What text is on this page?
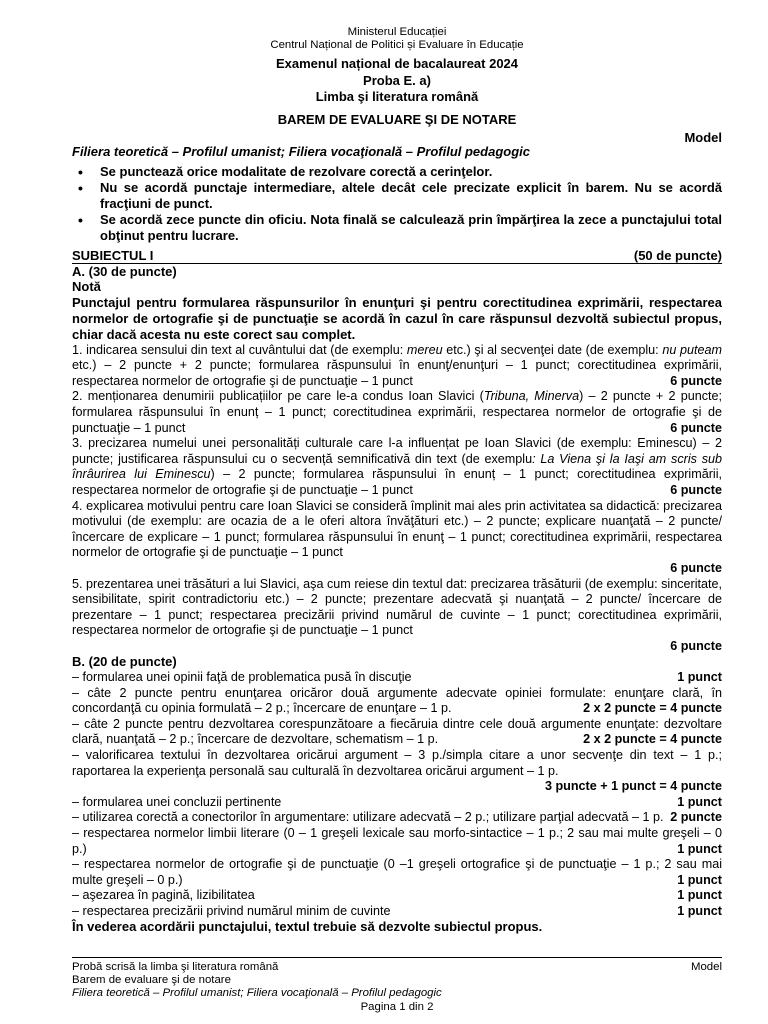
Ministerul Educației
Centrul Național de Politici și Evaluare în Educație
Examenul național de bacalaureat 2024
Proba E. a)
Limba şi literatura română
BAREM DE EVALUARE ŞI DE NOTARE
Model
Filiera teoretică – Profilul umanist; Filiera vocaţională – Profilul pedagogic
• Se punctează orice modalitate de rezolvare corectă a cerinţelor.
• Nu se acordă punctaje intermediare, altele decât cele precizate explicit în barem. Nu se acordă fracţiuni de punct.
• Se acordă zece puncte din oficiu. Nota finală se calculează prin împărţirea la zece a punctajului total obţinut pentru lucrare.
SUBIECTUL I	(50 de puncte)
A. (30 de puncte)
Notă
Punctajul pentru formularea răspunsurilor în enunţuri şi pentru corectitudinea exprimării, respectarea normelor de ortografie şi de punctuaţie se acordă în cazul în care răspunsul dezvoltă subiectul propus, chiar dacă acesta nu este corect sau complet.

1. indicarea sensului din text al cuvântului dat (de exemplu: mereu etc.) şi al secvenţei date (de exemplu: nu puteam etc.) – 2 puncte + 2 puncte; formularea răspunsului în enunţ/enunţuri – 1 punct; corectitudinea exprimării, respectarea normelor de ortografie şi de punctuaţie – 1 punct	6 puncte

2. menționarea denumirii publicațiilor pe care le-a condus Ioan Slavici (Tribuna, Minerva) – 2 puncte + 2 puncte; formularea răspunsului în enunț – 1 punct; corectitudinea exprimării, respectarea normelor de ortografie şi de punctuaţie – 1 punct	6 puncte

3. precizarea numelui unei personalități culturale care l-a influențat pe Ioan Slavici (de exemplu: Eminescu) – 2 puncte; justificarea răspunsului cu o secvență semnificativă din text (de exemplu: La Viena şi la Iaşi am scris sub înrâurirea lui Eminescu) – 2 puncte; formularea răspunsului în enunț – 1 punct; corectitudinea exprimării, respectarea normelor de ortografie şi de punctuaţie – 1 punct	6 puncte

4. explicarea motivului pentru care Ioan Slavici se consideră împlinit mai ales prin activitatea sa didactică: precizarea motivului (de exemplu: are ocazia de a le oferi altora învăţături etc.) – 2 puncte; explicare nuanţată – 2 puncte/încercare de explicare – 1 punct; formularea răspunsului în enunţ – 1 punct; corectitudinea exprimării, respectarea normelor de ortografie şi de punctuaţie – 1 punct

6 puncte

5. prezentarea unei trăsături a lui Slavici, aşa cum reiese din textul dat: precizarea trăsăturii (de exemplu: sinceritate, sensibilitate, spirit contradictoriu etc.) – 2 puncte; prezentare adecvată şi nuanţată – 2 puncte/ încercare de prezentare – 1 punct; respectarea precizării privind numărul de cuvinte – 1 punct; corectitudinea exprimării, respectarea normelor de ortografie şi de punctuaţie – 1 punct

6 puncte
B. (20 de puncte)
– formularea unei opinii faţă de problematica pusă în discuţie	1 punct

– câte 2 puncte pentru enunţarea oricăror două argumente adecvate opiniei formulate: enunţare clară, în concordanţă cu opinia formulată – 2 p.; încercare de enunţare – 1 p.	2 x 2 puncte = 4 puncte

– câte 2 puncte pentru dezvoltarea corespunzătoare a fiecăruia dintre cele două argumente enunţate: dezvoltare clară, nuanţată – 2 p.; încercare de dezvoltare, schematism – 1 p.	2 x 2 puncte = 4 puncte

– valorificarea textului în dezvoltarea oricărui argument – 3 p./simpla citare a unor secvenţe din text – 1 p.; raportarea la experienţa personală sau culturală în dezvoltarea oricărui argument – 1 p.

3 puncte + 1 punct = 4 puncte
– formularea unei concluzii pertinente	1 punct

– utilizarea corectă a conectorilor în argumentare: utilizare adecvată – 2 p.; utilizare parţial adecvată – 1 p. 2 puncte

– respectarea normelor limbii literare (0 – 1 greşeli lexicale sau morfo-sintactice – 1 p.; 2 sau mai multe greşeli – 0 p.)	1 punct

– respectarea normelor de ortografie şi de punctuaţie (0 –1 greşeli ortografice şi de punctuaţie – 1 p.; 2 sau mai multe greşeli – 0 p.)	1 punct

– aşezarea în pagină, lizibilitatea	1 punct
– respectarea precizării privind numărul minim de cuvinte	1 punct
În vederea acordării punctajului, textul trebuie să dezvolte subiectul propus.
Probă scrisă la limba şi literatura română	Model
Barem de evaluare şi de notare
Filiera teoretică – Profilul umanist; Filiera vocaţională – Profilul pedagogic
Pagina 1 din 2
